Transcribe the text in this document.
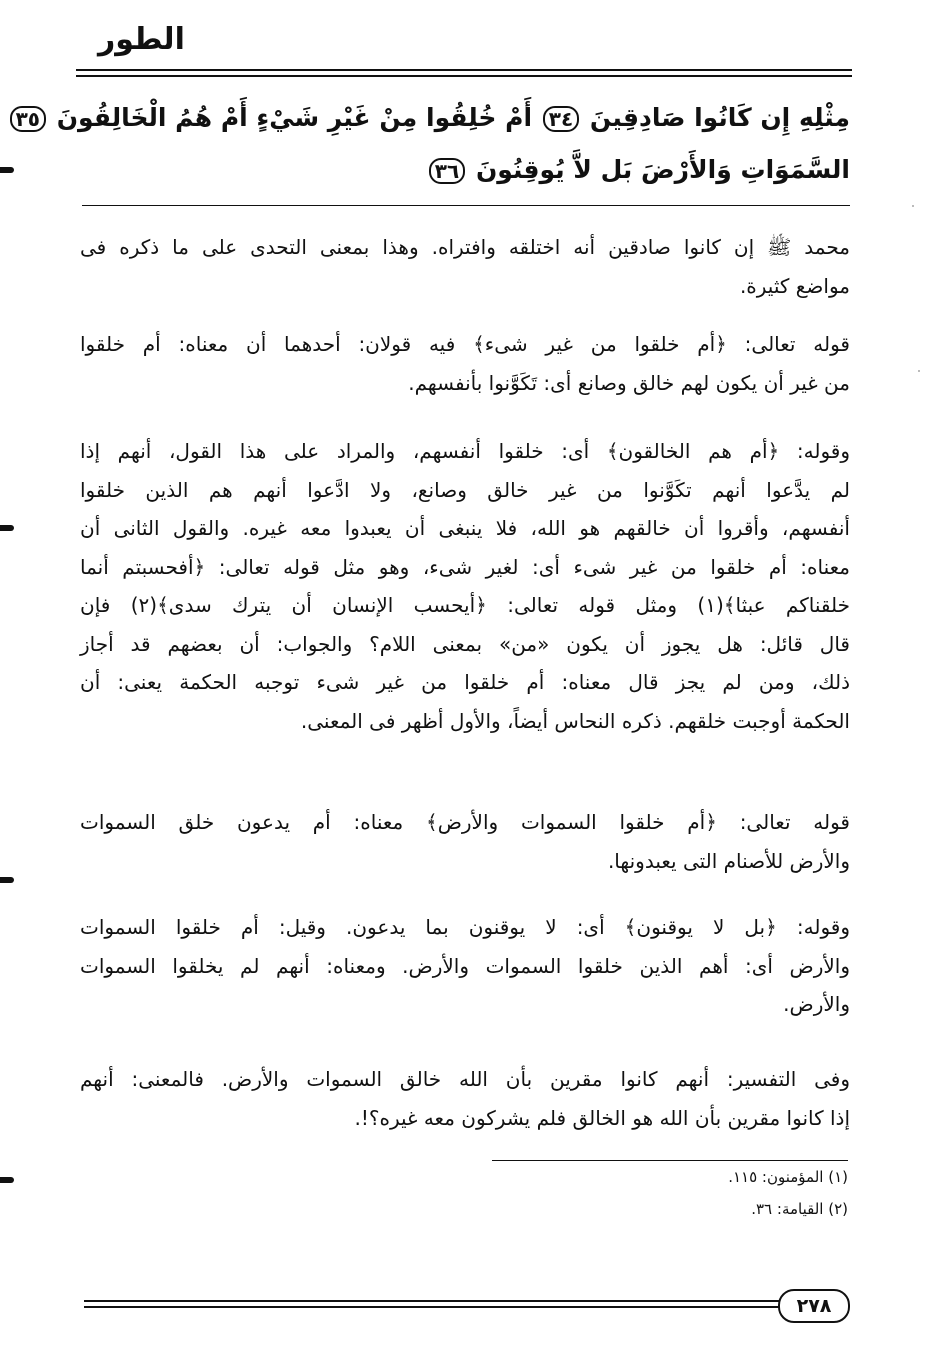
الطور
مِثْلِهِ إِن كَانُوا صَادِقِينَ ٣٤ أَمْ خُلِقُوا مِنْ غَيْرِ شَيْءٍ أَمْ هُمُ الْخَالِقُونَ ٣٥
السَّمَوَاتِ وَالأَرْضَ بَل لاَّ يُوقِنُونَ ٣٦
محمد ﷺ إن كانوا صادقين أنه اختلقه وافتراه. وهذا بمعنى التحدى على ما ذكره فى
مواضع كثيرة.
قوله تعالى: ﴿أم خلقوا من غير شىء﴾ فيه قولان: أحدهما أن معناه: أم خلقوا
من غير أن يكون لهم خالق وصانع أى: تَكَوَّنوا بأنفسهم.
وقوله: ﴿أم هم الخالقون﴾ أى: خلقوا أنفسهم، والمراد على هذا القول، أنهم إذا
لم يدَّعوا أنهم تكَوَّنوا من غير خالق وصانع، ولا ادَّعوا أنهم هم الذين خلقوا
أنفسهم، وأقروا أن خالقهم هو الله، فلا ينبغى أن يعبدوا معه غيره. والقول الثانى أن
معناه: أم خلقوا من غير شىء أى: لغير شىء، وهو مثل قوله تعالى: ﴿أفحسبتم أنما
خلقناكم عبثا﴾(١) ومثل قوله تعالى: ﴿أيحسب الإنسان أن يترك سدى﴾(٢) فإن
قال قائل: هل يجوز أن يكون «من» بمعنى اللام؟ والجواب: أن بعضهم قد أجاز
ذلك، ومن لم يجز قال معناه: أم خلقوا من غير شىء توجبه الحكمة يعنى: أن
الحكمة أوجبت خلقهم. ذكره النحاس أيضاً، والأول أظهر فى المعنى.
قوله تعالى: ﴿أم خلقوا السموات والأرض﴾ معناه: أم يدعون خلق السموات
والأرض للأصنام التى يعبدونها.
وقوله: ﴿بل لا يوقنون﴾ أى: لا يوقنون بما يدعون. وقيل: أم خلقوا السموات
والأرض أى: أهم الذين خلقوا السموات والأرض. ومعناه: أنهم لم يخلقوا السموات
والأرض.
وفى التفسير: أنهم كانوا مقرين بأن الله خالق السموات والأرض. فالمعنى: أنهم
إذا كانوا مقرين بأن الله هو الخالق فلم يشركون معه غيره؟!.
(١) المؤمنون: ١١٥.
(٢) القيامة: ٣٦.
٢٧٨
